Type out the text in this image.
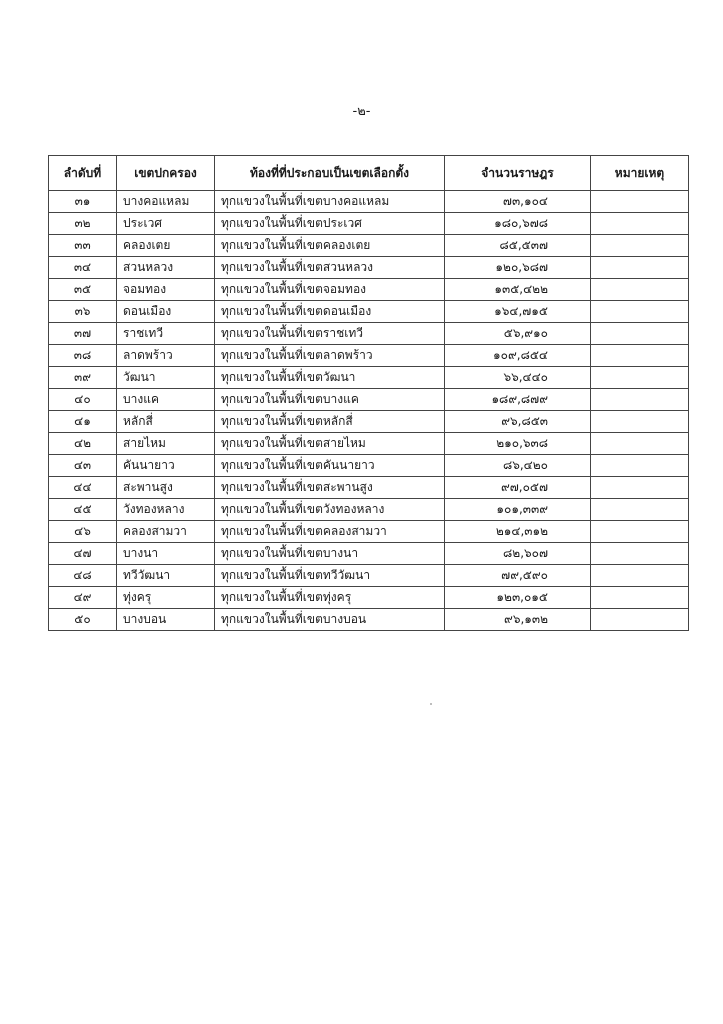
-๒-
ลำดับที่	เขตปกครอง	ท้องที่ที่ประกอบเป็นเขตเลือกตั้ง	จำนวนราษฎร	หมายเหตุ
๓๑	บางคอแหลม	ทุกแขวงในพื้นที่เขตบางคอแหลม	๗๓,๑๐๔	
๓๒	ประเวศ	ทุกแขวงในพื้นที่เขตประเวศ	๑๘๐,๖๗๘	
๓๓	คลองเตย	ทุกแขวงในพื้นที่เขตคลองเตย	๘๕,๕๓๗	
๓๔	สวนหลวง	ทุกแขวงในพื้นที่เขตสวนหลวง	๑๒๐,๖๘๗	
๓๕	จอมทอง	ทุกแขวงในพื้นที่เขตจอมทอง	๑๓๕,๔๒๒	
๓๖	ดอนเมือง	ทุกแขวงในพื้นที่เขตดอนเมือง	๑๖๔,๗๑๕	
๓๗	ราชเทวี	ทุกแขวงในพื้นที่เขตราชเทวี	๕๖,๙๑๐	
๓๘	ลาดพร้าว	ทุกแขวงในพื้นที่เขตลาดพร้าว	๑๐๙,๘๕๔	
๓๙	วัฒนา	ทุกแขวงในพื้นที่เขตวัฒนา	๖๖,๔๔๐	
๔๐	บางแค	ทุกแขวงในพื้นที่เขตบางแค	๑๘๙,๘๗๙	
๔๑	หลักสี่	ทุกแขวงในพื้นที่เขตหลักสี่	๙๖,๘๕๓	
๔๒	สายไหม	ทุกแขวงในพื้นที่เขตสายไหม	๒๑๐,๖๓๘	
๔๓	คันนายาว	ทุกแขวงในพื้นที่เขตคันนายาว	๘๖,๔๒๐	
๔๔	สะพานสูง	ทุกแขวงในพื้นที่เขตสะพานสูง	๙๗,๐๕๗	
๔๕	วังทองหลาง	ทุกแขวงในพื้นที่เขตวังทองหลาง	๑๐๑,๓๓๙	
๔๖	คลองสามวา	ทุกแขวงในพื้นที่เขตคลองสามวา	๒๑๔,๓๑๒	
๔๗	บางนา	ทุกแขวงในพื้นที่เขตบางนา	๘๒,๖๐๗	
๔๘	ทวีวัฒนา	ทุกแขวงในพื้นที่เขตทวีวัฒนา	๗๙,๕๙๐	
๔๙	ทุ่งครุ	ทุกแขวงในพื้นที่เขตทุ่งครุ	๑๒๓,๐๑๕	
๕๐	บางบอน	ทุกแขวงในพื้นที่เขตบางบอน	๙๖,๑๓๒	
